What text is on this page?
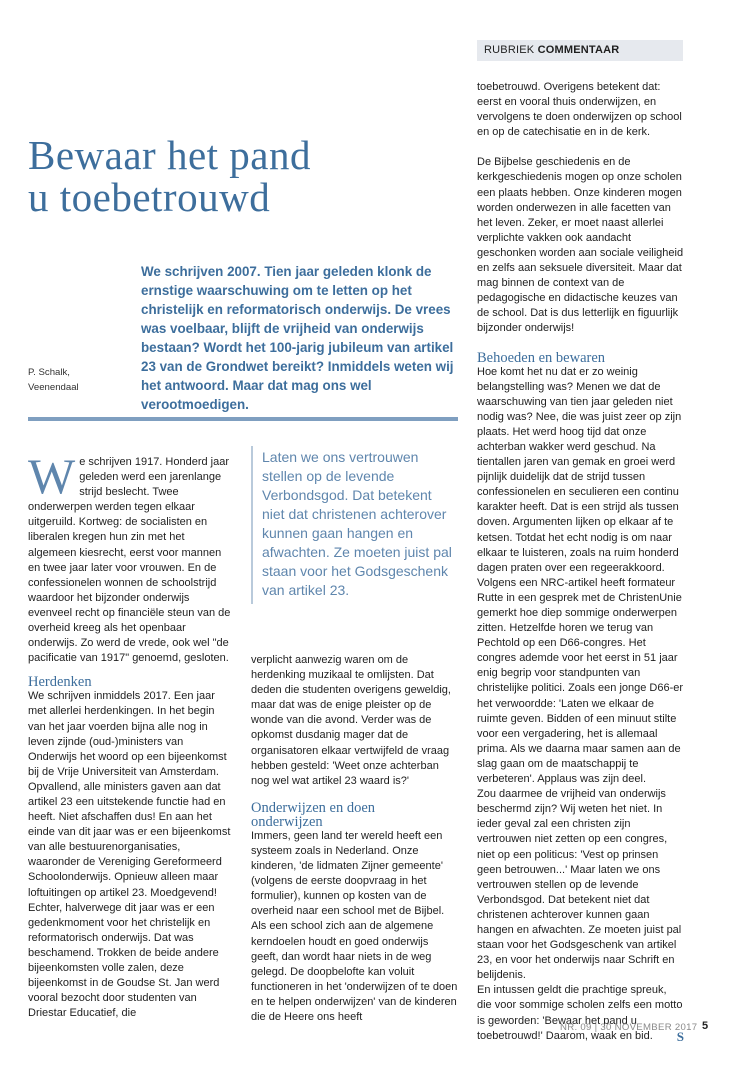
RUBRIEK COMMENTAAR
Bewaar het pand
u toebetrouwd
We schrijven 2007. Tien jaar geleden klonk de ernstige waarschuwing om te letten op het christelijk en reformatorisch onderwijs. De vrees was voelbaar, blijft de vrijheid van onderwijs bestaan? Wordt het 100-jarig jubileum van artikel 23 van de Grondwet bereikt? Inmiddels weten wij het antwoord. Maar dat mag ons wel verootmoedigen.
P. Schalk,
Veenendaal

We schrijven 1917. Honderd jaar geleden werd een jarenlange strijd beslecht. Twee onderwerpen werden tegen elkaar uitgeruild. Kortweg: de socialisten en liberalen kregen hun zin met het algemeen kiesrecht, eerst voor mannen en twee jaar later voor vrouwen. En de confessionelen wonnen de schoolstrijd waardoor het bijzonder onderwijs evenveel recht op financiële steun van de overheid kreeg als het openbaar onderwijs. Zo werd de vrede, ook wel "de pacificatie van 1917" genoemd, gesloten.

Herdenken

We schrijven inmiddels 2017. Een jaar met allerlei herdenkingen. In het begin van het jaar voerden bijna alle nog in leven zijnde (oud-)ministers van Onderwijs het woord op een bijeenkomst bij de Vrije Universiteit van Amsterdam. Opvallend, alle ministers gaven aan dat artikel 23 een uitstekende functie had en heeft. Niet afschaffen dus! En aan het einde van dit jaar was er een bijeenkomst van alle bestuurenorganisaties, waaronder de Vereniging Gereformeerd Schoolonderwijs. Opnieuw alleen maar loftuitingen op artikel 23. Moedgevend!

Echter, halverwege dit jaar was er een gedenkmoment voor het christelijk en reformatorisch onderwijs. Dat was beschamend. Trokken de beide andere bijeenkomsten volle zalen, deze bijeenkomst in de Goudse St. Jan werd vooral bezocht door studenten van Driestar Educatief, die

Laten we ons vertrouwen stellen op de levende Verbondsgod. Dat betekent niet dat christenen achterover kunnen gaan hangen en afwachten. Ze moeten juist pal staan voor het Godsgeschenk van artikel 23.

verplicht aanwezig waren om de herdenking muzikaal te omlijsten. Dat deden die studenten overigens geweldig, maar dat was de enige pleister op de wonde van die avond. Verder was de opkomst dusdanig mager dat de organisatoren elkaar vertwijfeld de vraag hebben gesteld: 'Weet onze achterban nog wel wat artikel 23 waard is?'

Onderwijzen en doen onderwijzen

Immers, geen land ter wereld heeft een systeem zoals in Nederland. Onze kinderen, 'de lidmaten Zijner gemeente' (volgens de eerste doopvraag in het formulier), kunnen op kosten van de overheid naar een school met de Bijbel. Als een school zich aan de algemene kerndoelen houdt en goed onderwijs geeft, dan wordt haar niets in de weg gelegd. De doopbelofte kan voluit functioneren in het 'onderwijzen of te doen en te helpen onderwijzen' van de kinderen die de Heere ons heeft

toebetrouwd. Overigens betekent dat: eerst en vooral thuis onderwijzen, en vervolgens te doen onderwijzen op school en op de catechisatie en in de kerk.

De Bijbelse geschiedenis en de kerkgeschiedenis mogen op onze scholen een plaats hebben. Onze kinderen mogen worden onderwezen in alle facetten van het leven. Zeker, er moet naast allerlei verplichte vakken ook aandacht geschonken worden aan sociale veiligheid en zelfs aan seksuele diversiteit. Maar dat mag binnen de context van de pedagogische en didactische keuzes van de school. Dat is dus letterlijk en figuurlijk bijzonder onderwijs!

Behoeden en bewaren

Hoe komt het nu dat er zo weinig belangstelling was? Menen we dat de waarschuwing van tien jaar geleden niet nodig was? Nee, die was juist zeer op zijn plaats. Het werd hoog tijd dat onze achterban wakker werd geschud. Na tientallen jaren van gemak en groei werd pijnlijk duidelijk dat de strijd tussen confessionelen en seculieren een continu karakter heeft. Dat is een strijd als tussen doven. Argumenten lijken op elkaar af te ketsen. Totdat het echt nodig is om naar elkaar te luisteren, zoals na ruim honderd dagen praten over een regeerakkoord.

Volgens een NRC-artikel heeft formateur Rutte in een gesprek met de ChristenUnie gemerkt hoe diep sommige onderwerpen zitten. Hetzelfde horen we terug van Pechtold op een D66-congres. Het congres ademde voor het eerst in 51 jaar enig begrip voor standpunten van christelijke politici. Zoals een jonge D66-er het verwoordde: 'Laten we elkaar de ruimte geven. Bidden of een minuut stilte voor een vergadering, het is allemaal prima. Als we daarna maar samen aan de slag gaan om de maatschappij te verbeteren'. Applaus was zijn deel.

Zou daarmee de vrijheid van onderwijs beschermd zijn? Wij weten het niet. In ieder geval zal een christen zijn vertrouwen niet zetten op een congres, niet op een politicus: 'Vest op prinsen geen betrouwen...' Maar laten we ons vertrouwen stellen op de levende Verbondsgod. Dat betekent niet dat christenen achterover kunnen gaan hangen en afwachten. Ze moeten juist pal staan voor het Godsgeschenk van artikel 23, en voor het onderwijs naar Schrift en belijdenis.

En intussen geldt die prachtige spreuk, die voor sommige scholen zelfs een motto is geworden: 'Bewaar het pand u toebetrouwd!' Daarom, waak en bid. S

NR. 09 | 30 NOVEMBER 2017 5
